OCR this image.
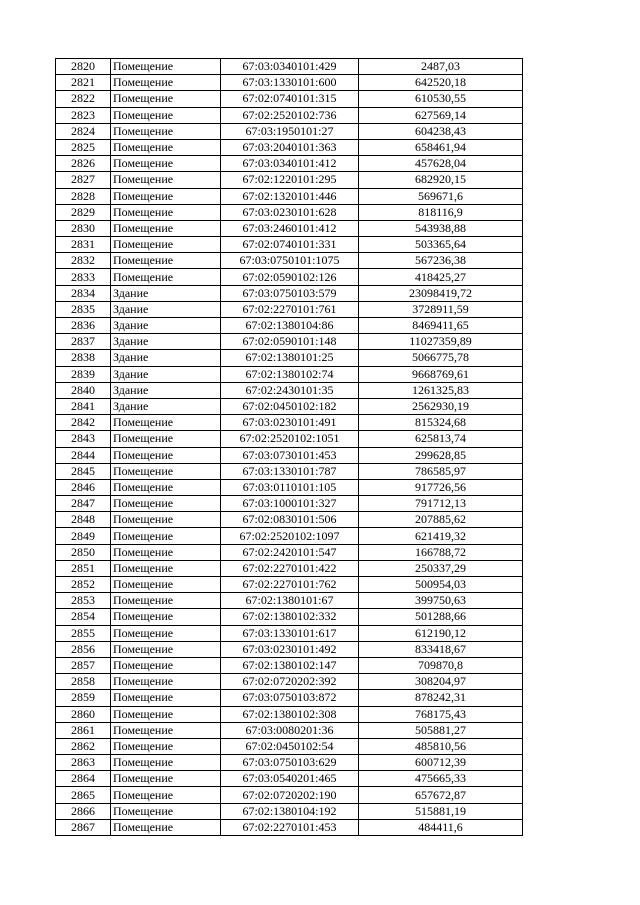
2820	Помещение	67:03:0340101:429	2487,03
2821	Помещение	67:03:1330101:600	642520,18
2822	Помещение	67:02:0740101:315	610530,55
2823	Помещение	67:02:2520102:736	627569,14
2824	Помещение	67:03:1950101:27	604238,43
2825	Помещение	67:03:2040101:363	658461,94
2826	Помещение	67:03:0340101:412	457628,04
2827	Помещение	67:02:1220101:295	682920,15
2828	Помещение	67:02:1320101:446	569671,6
2829	Помещение	67:03:0230101:628	818116,9
2830	Помещение	67:03:2460101:412	543938,88
2831	Помещение	67:02:0740101:331	503365,64
2832	Помещение	67:03:0750101:1075	567236,38
2833	Помещение	67:02:0590102:126	418425,27
2834	Здание	67:03:0750103:579	23098419,72
2835	Здание	67:02:2270101:761	3728911,59
2836	Здание	67:02:1380104:86	8469411,65
2837	Здание	67:02:0590101:148	11027359,89
2838	Здание	67:02:1380101:25	5066775,78
2839	Здание	67:02:1380102:74	9668769,61
2840	Здание	67:02:2430101:35	1261325,83
2841	Здание	67:02:0450102:182	2562930,19
2842	Помещение	67:03:0230101:491	815324,68
2843	Помещение	67:02:2520102:1051	625813,74
2844	Помещение	67:03:0730101:453	299628,85
2845	Помещение	67:03:1330101:787	786585,97
2846	Помещение	67:03:0110101:105	917726,56
2847	Помещение	67:03:1000101:327	791712,13
2848	Помещение	67:02:0830101:506	207885,62
2849	Помещение	67:02:2520102:1097	621419,32
2850	Помещение	67:02:2420101:547	166788,72
2851	Помещение	67:02:2270101:422	250337,29
2852	Помещение	67:02:2270101:762	500954,03
2853	Помещение	67:02:1380101:67	399750,63
2854	Помещение	67:02:1380102:332	501288,66
2855	Помещение	67:03:1330101:617	612190,12
2856	Помещение	67:03:0230101:492	833418,67
2857	Помещение	67:02:1380102:147	709870,8
2858	Помещение	67:02:0720202:392	308204,97
2859	Помещение	67:03:0750103:872	878242,31
2860	Помещение	67:02:1380102:308	768175,43
2861	Помещение	67:03:0080201:36	505881,27
2862	Помещение	67:02:0450102:54	485810,56
2863	Помещение	67:03:0750103:629	600712,39
2864	Помещение	67:03:0540201:465	475665,33
2865	Помещение	67:02:0720202:190	657672,87
2866	Помещение	67:02:1380104:192	515881,19
2867	Помещение	67:02:2270101:453	484411,6
